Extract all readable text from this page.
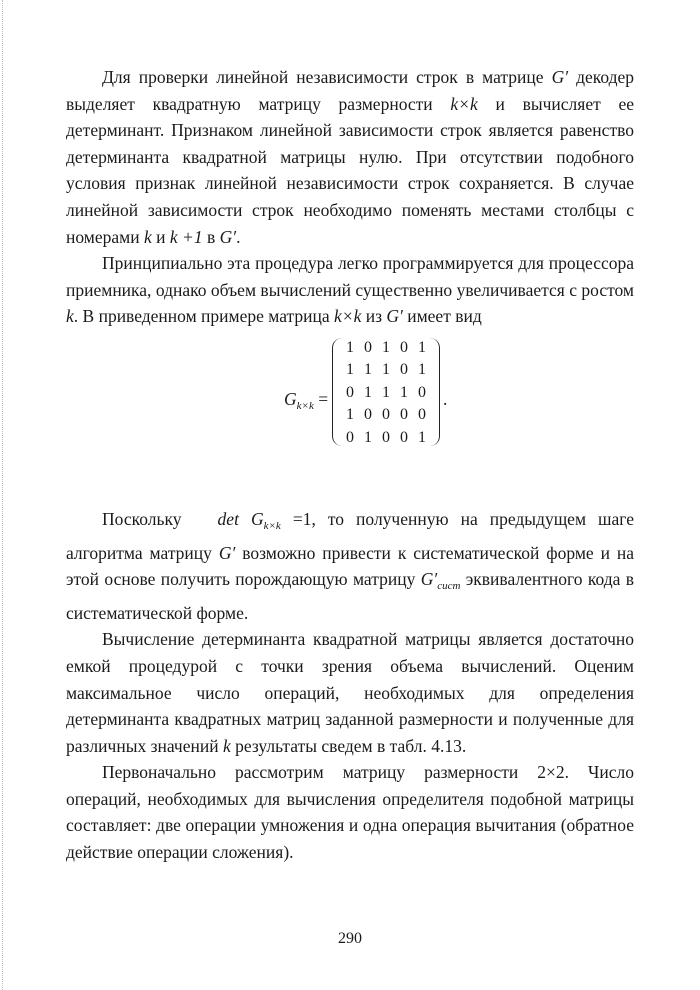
Для проверки линейной независимости строк в матрице G′ декодер выделяет квадратную матрицу размерности k×k и вычисляет ее детерминант. Признаком линейной зависимости строк является равенство детерминанта квадратной матрицы нулю. При отсутствии подобного условия признак линейной независимости строк сохраняется. В случае линейной зависимости строк необходимо поменять местами столбцы с номерами k и k +1 в G′.

Принципиально эта процедура легко программируется для процессора приемника, однако объем вычислений существенно увеличивается с ростом k. В приведенном примере матрица k×k из G′ имеет вид

$G_{k\times k}$ =
1 0 1 0 1
1 1 1 0 1
0 1 1 1 0
1 0 0 0 0
0 1 0 0 1
.

Поскольку $\det G_{k\times k} =1$, то полученную на предыдущем шаге алгоритма матрицу G′ возможно привести к систематической форме и на этой основе получить порождающую матрицу $G'_{сист}$ эквивалентного кода в систематической форме.

Вычисление детерминанта квадратной матрицы является достаточно емкой процедурой с точки зрения объема вычислений. Оценим максимальное число операций, необходимых для определения детерминанта квадратных матриц заданной размерности и полученные для различных значений k результаты сведем в табл. 4.13.

Первоначально рассмотрим матрицу размерности 2×2. Число операций, необходимых для вычисления определителя подобной матрицы составляет: две операции умножения и одна операция вычитания (обратное действие операции сложения).

290
